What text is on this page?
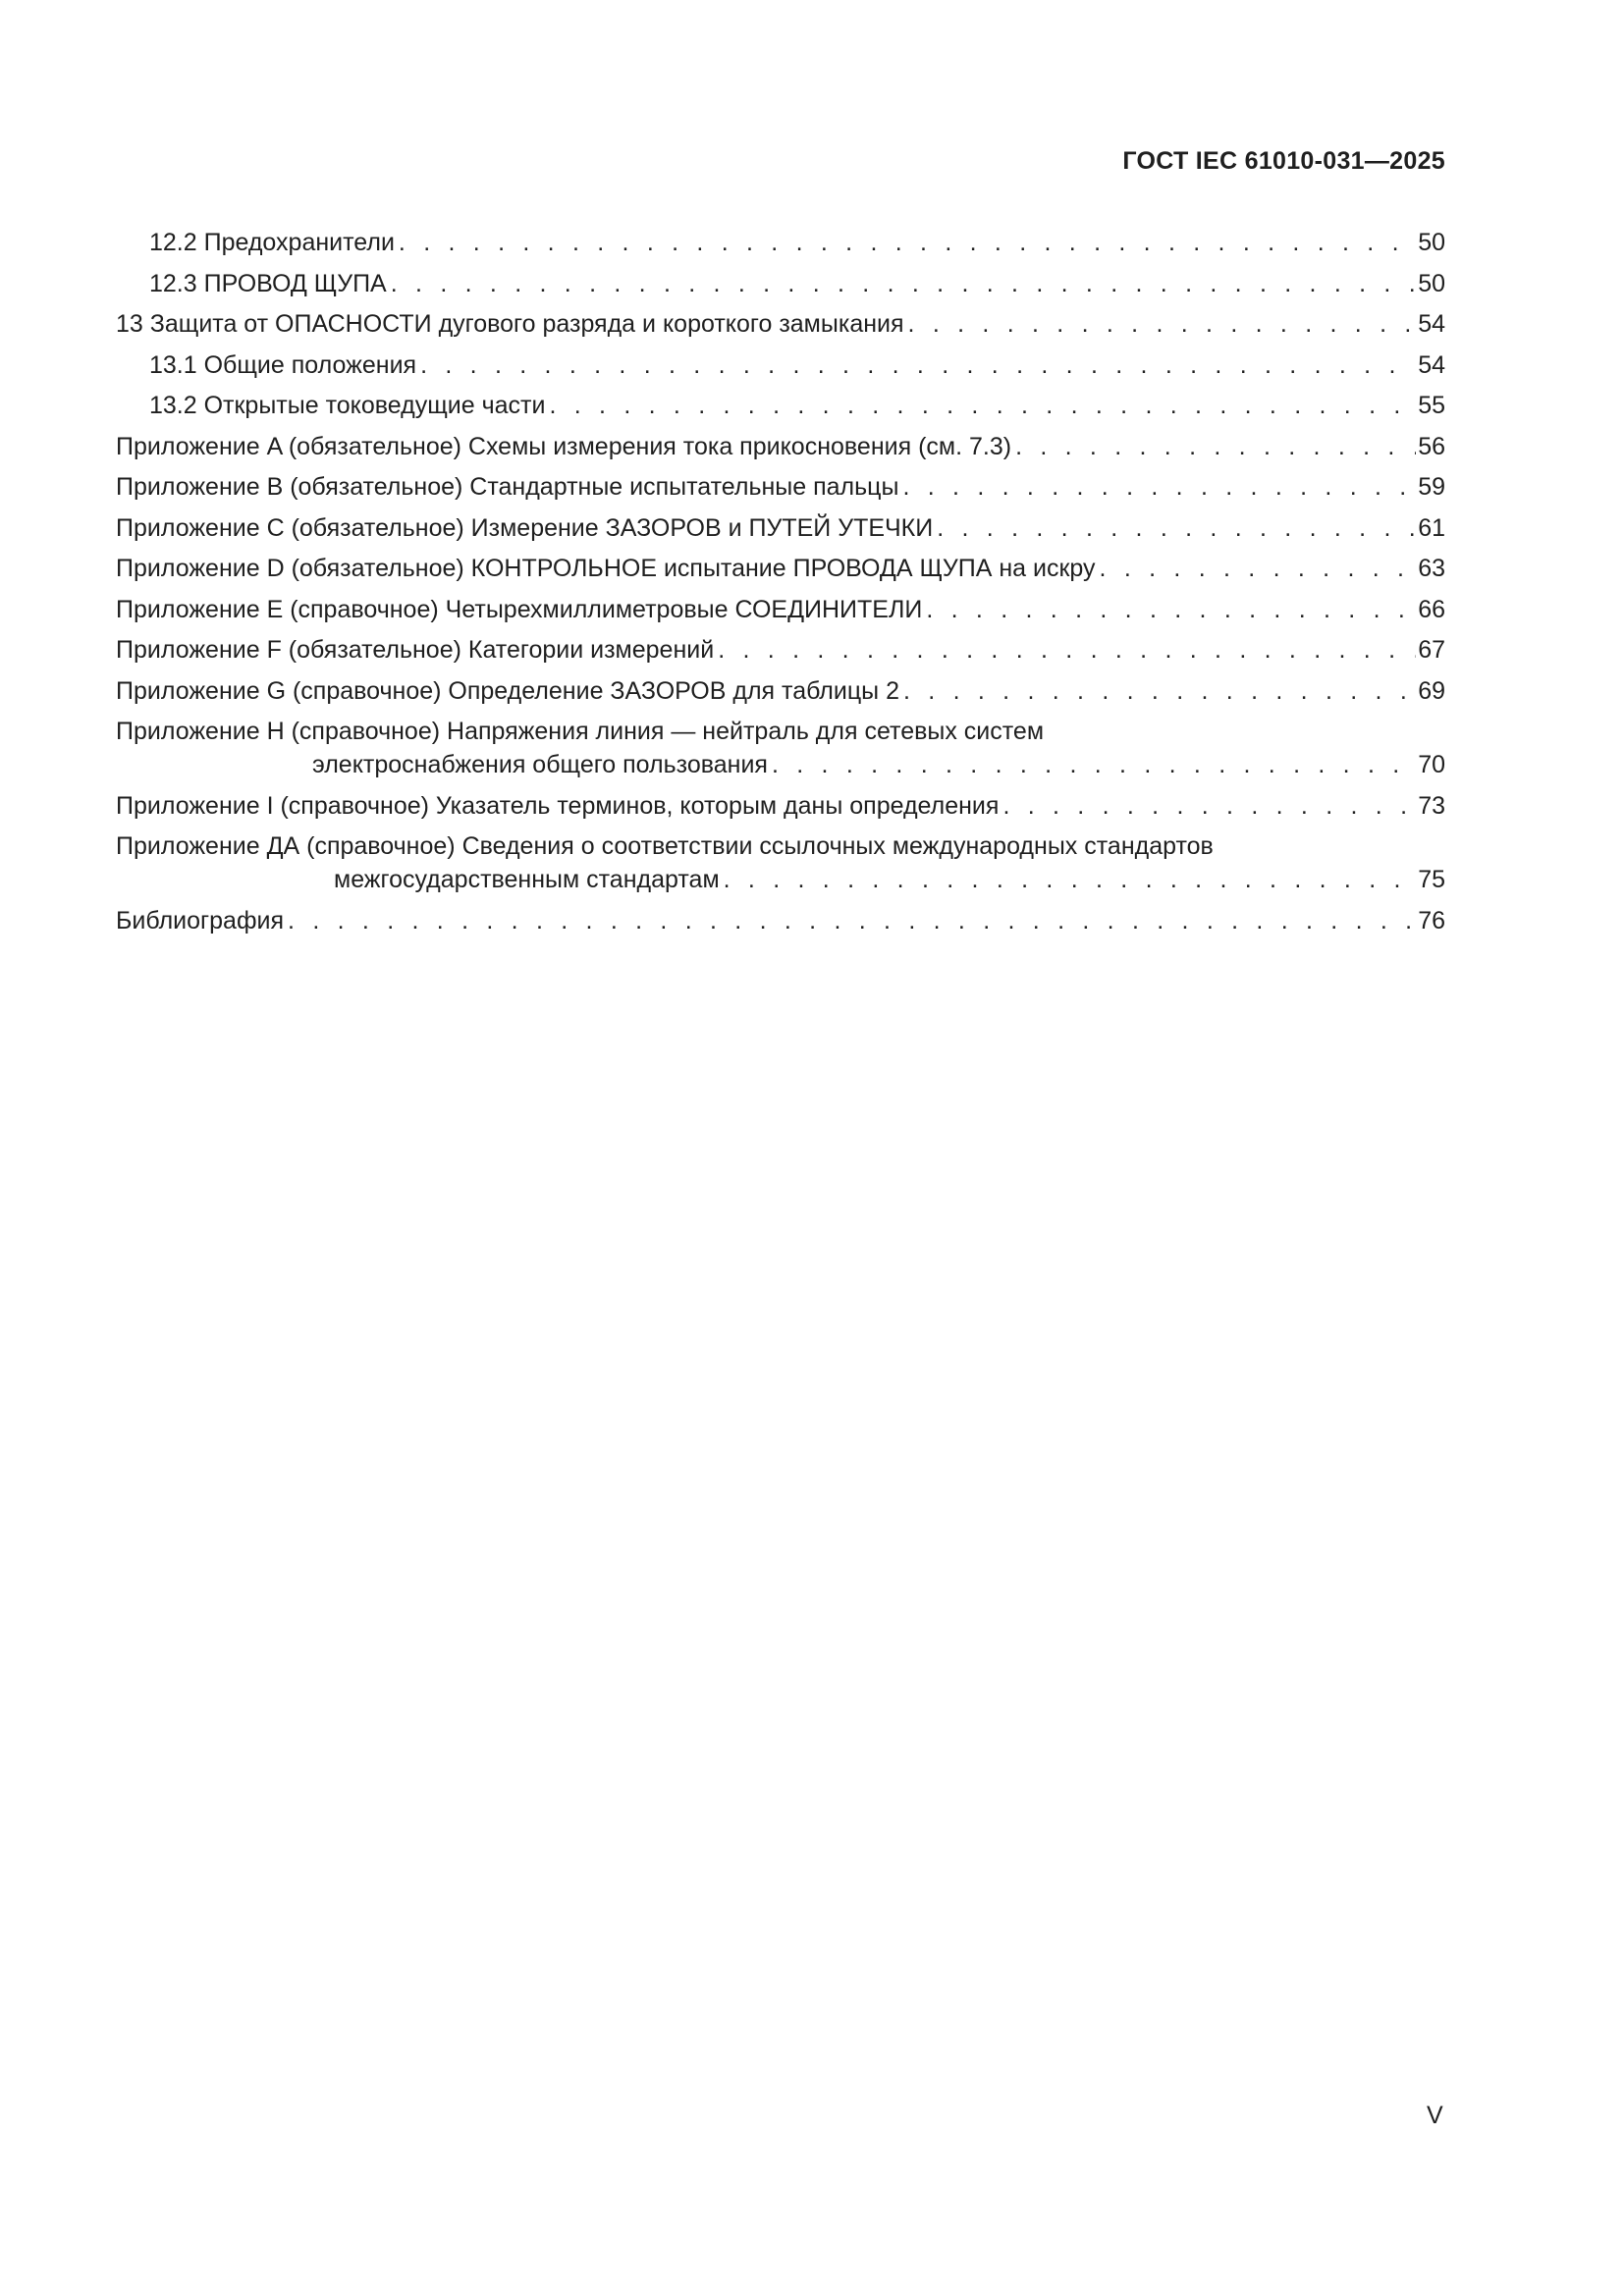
ГОСТ IEC 61010-031—2025
12.2 Предохранители . . .	50
12.3 ПРОВОД ЩУПА . . .	50
13 Защита от ОПАСНОСТИ дугового разряда и короткого замыкания . . .	54
13.1 Общие положения . . .	54
13.2 Открытые токоведущие части . . .	55
Приложение A (обязательное) Схемы измерения тока прикосновения (см. 7.3) . . .	56
Приложение B (обязательное) Стандартные испытательные пальцы . . .	59
Приложение C (обязательное) Измерение ЗАЗОРОВ и ПУТЕЙ УТЕЧКИ . . .	61
Приложение D (обязательное) КОНТРОЛЬНОЕ испытание ПРОВОДА ЩУПА на искру . . .	63
Приложение E (справочное) Четырехмиллиметровые СОЕДИНИТЕЛИ . . .	66
Приложение F (обязательное) Категории измерений . . .	67
Приложение G (справочное) Определение ЗАЗОРОВ для таблицы 2 . . .	69
Приложение H (справочное) Напряжения линия — нейтраль для сетевых систем
электроснабжения общего пользования . . .	70
Приложение I (справочное) Указатель терминов, которым даны определения . . .	73
Приложение ДА (справочное) Сведения о соответствии ссылочных международных стандартов
межгосударственным стандартам . . .	75
Библиография . . .	76
V
